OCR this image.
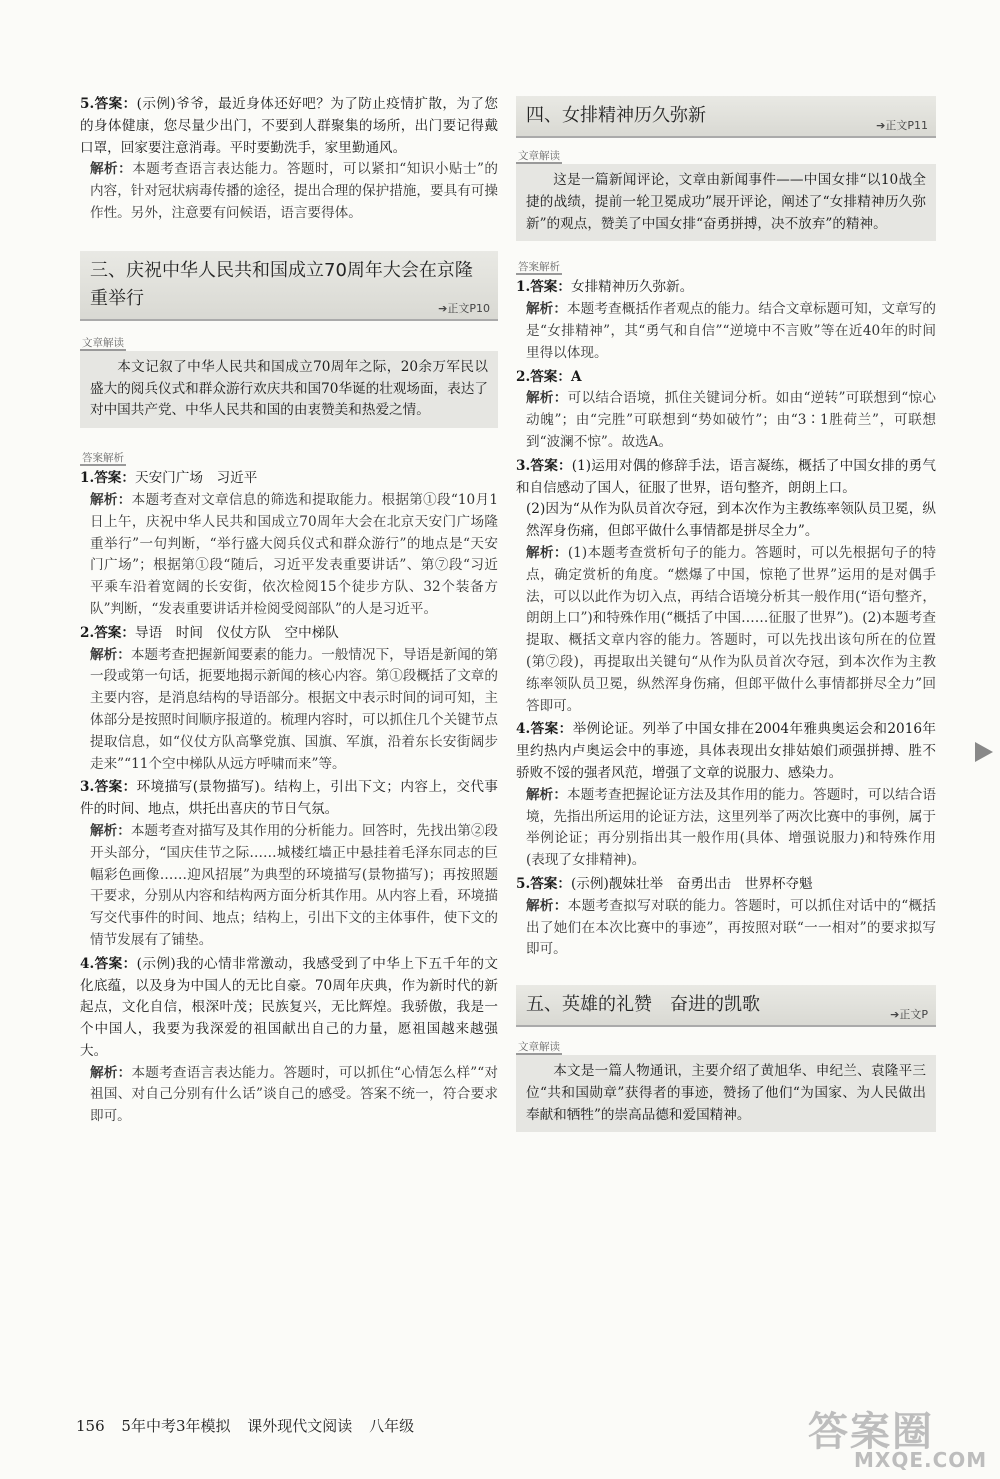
5.答案：(示例)爷爷，最近身体还好吧？为了防止疫情扩散，为了您的身体健康，您尽量少出门，不要到人群聚集的场所，出门要记得戴口罩，回家要注意消毒。平时要勤洗手，家里勤通风。

解析：本题考查语言表达能力。答题时，可以紧扣“知识小贴士”的内容，针对冠状病毒传播的途径，提出合理的保护措施，要具有可操作性。另外，注意要有问候语，语言要得体。

三、庆祝中华人民共和国成立70周年大会在京隆重举行	➔正文P10
文章解读

本文记叙了中华人民共和国成立70周年之际，20余万军民以盛大的阅兵仪式和群众游行欢庆共和国70华诞的壮观场面，表达了对中国共产党、中华人民共和国的由衷赞美和热爱之情。

答案解析

1.答案：天安门广场　习近平

解析：本题考查对文章信息的筛选和提取能力。根据第①段“10月1日上午，庆祝中华人民共和国成立70周年大会在北京天安门广场隆重举行”一句判断，“举行盛大阅兵仪式和群众游行”的地点是“天安门广场”；根据第①段“随后，习近平发表重要讲话”、第⑦段“习近平乘车沿着宽阔的长安街，依次检阅15个徒步方队、32个装备方队”判断，“发表重要讲话并检阅受阅部队”的人是习近平。

2.答案：导语　时间　仪仗方队　空中梯队

解析：本题考查把握新闻要素的能力。一般情况下，导语是新闻的第一段或第一句话，扼要地揭示新闻的核心内容。第①段概括了文章的主要内容，是消息结构的导语部分。根据文中表示时间的词可知，主体部分是按照时间顺序报道的。梳理内容时，可以抓住几个关键节点提取信息，如“仪仗方队高擎党旗、国旗、军旗，沿着东长安街阔步走来”“11个空中梯队从远方呼啸而来”等。

3.答案：环境描写(景物描写)。结构上，引出下文；内容上，交代事件的时间、地点，烘托出喜庆的节日气氛。

解析：本题考查对描写及其作用的分析能力。回答时，先找出第②段开头部分，“国庆佳节之际……城楼红墙正中悬挂着毛泽东同志的巨幅彩色画像……迎风招展”为典型的环境描写(景物描写)；再按照题干要求，分别从内容和结构两方面分析其作用。从内容上看，环境描写交代事件的时间、地点；结构上，引出下文的主体事件，使下文的情节发展有了铺垫。

4.答案：(示例)我的心情非常激动，我感受到了中华上下五千年的文化底蕴，以及身为中国人的无比自豪。70周年庆典，作为新时代的新起点，文化自信，根深叶茂；民族复兴，无比辉煌。我骄傲，我是一个中国人，我要为我深爱的祖国献出自己的力量，愿祖国越来越强大。

解析：本题考查语言表达能力。答题时，可以抓住“心情怎么样”“对祖国、对自己分别有什么话”谈自己的感受。答案不统一，符合要求即可。

四、女排精神历久弥新	➔正文P11
文章解读

这是一篇新闻评论，文章由新闻事件——中国女排“以10战全捷的战绩，提前一轮卫冕成功”展开评论，阐述了“女排精神历久弥新”的观点，赞美了中国女排“奋勇拼搏，决不放弃”的精神。

答案解析

1.答案：女排精神历久弥新。

解析：本题考查概括作者观点的能力。结合文章标题可知，文章写的是“女排精神”，其“勇气和自信”“逆境中不言败”等在近40年的时间里得以体现。

2.答案：A

解析：可以结合语境，抓住关键词分析。如由“逆转”可联想到“惊心动魄”；由“完胜”可联想到“势如破竹”；由“3∶1胜荷兰”，可联想到“波澜不惊”。故选A。

3.答案：(1)运用对偶的修辞手法，语言凝练，概括了中国女排的勇气和自信感动了国人，征服了世界，语句整齐，朗朗上口。

(2)因为“从作为队员首次夺冠，到本次作为主教练率领队员卫冕，纵然浑身伤痛，但郎平做什么事情都是拼尽全力”。

解析：(1)本题考查赏析句子的能力。答题时，可以先根据句子的特点，确定赏析的角度。“燃爆了中国，惊艳了世界”运用的是对偶手法，可以以此作为切入点，再结合语境分析其一般作用(“语句整齐，朗朗上口”)和特殊作用(“概括了中国……征服了世界”)。(2)本题考查提取、概括文章内容的能力。答题时，可以先找出该句所在的位置(第⑦段)，再提取出关键句“从作为队员首次夺冠，到本次作为主教练率领队员卫冕，纵然浑身伤痛，但郎平做什么事情都拼尽全力”回答即可。

4.答案：举例论证。列举了中国女排在2004年雅典奥运会和2016年里约热内卢奥运会中的事迹，具体表现出女排姑娘们顽强拼搏、胜不骄败不馁的强者风范，增强了文章的说服力、感染力。

解析：本题考查把握论证方法及其作用的能力。答题时，可以结合语境，先指出所运用的论证方法，这里列举了两次比赛中的事例，属于举例论证；再分别指出其一般作用(具体、增强说服力)和特殊作用(表现了女排精神)。

5.答案：(示例)靓妹壮举　奋勇出击　世界杯夺魁

解析：本题考查拟写对联的能力。答题时，可以抓住对话中的“概括出了她们在本次比赛中的事迹”，再按照对联“一一相对”的要求拟写即可。

五、英雄的礼赞　奋进的凯歌	➔正文P
文章解读

本文是一篇人物通讯，主要介绍了黄旭华、申纪兰、袁隆平三位“共和国勋章”获得者的事迹，赞扬了他们“为国家、为人民做出奉献和牺牲”的崇高品德和爱国精神。

156 5年中考3年模拟 课外现代文阅读 八年级	答案圈
MXQE.COM
